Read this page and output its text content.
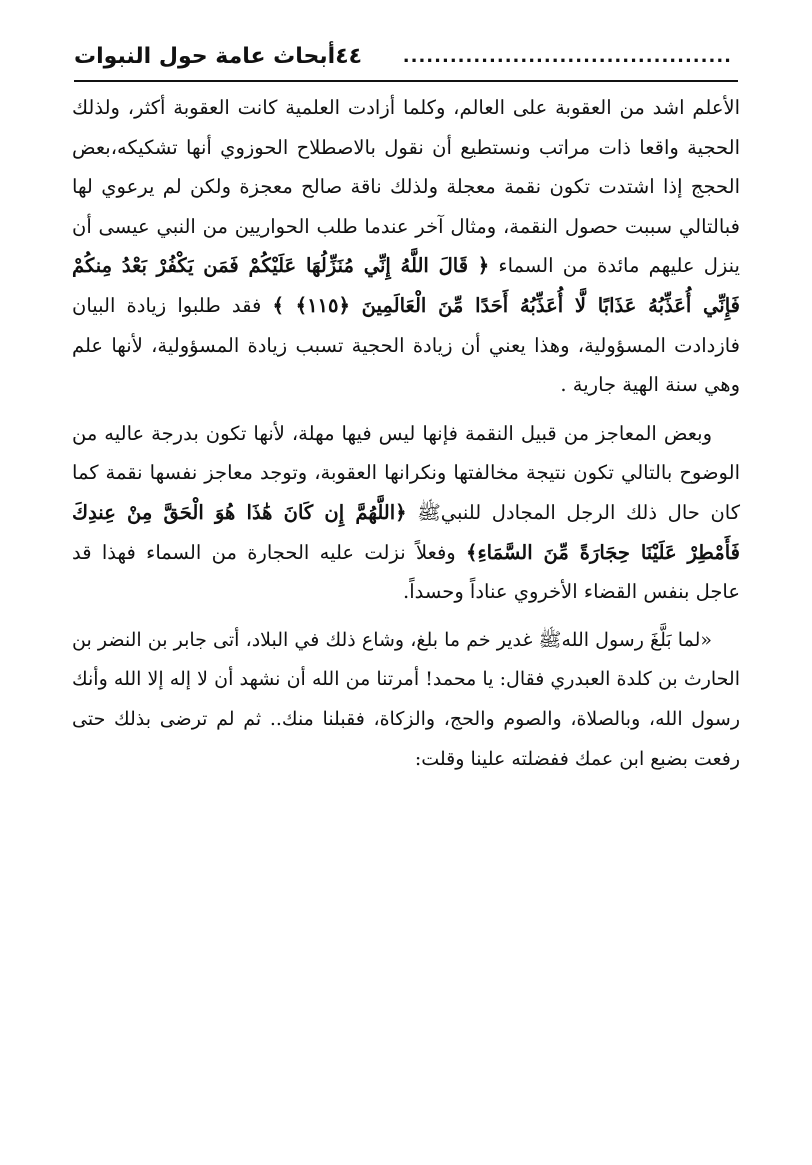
أبحاث عامة حول النبوات	..........................................
٤٤

الأعلم اشد من العقوبة على العالم، وكلما أزادت العلمية كانت العقوبة أكثر، ولذلك الحجية واقعا ذات مراتب ونستطيع أن نقول بالاصطلاح الحوزوي أنها تشكيكه،بعض الحجج إذا اشتدت تكون نقمة معجلة ولذلك ناقة صالح معجزة ولكن لم يرعوي لها فبالتالي سببت حصول النقمة، ومثال آخر عندما طلب الحواريين من النبي عيسى أن ينزل عليهم مائدة من السماء ﴿ قَالَ اللَّهُ إِنِّي مُنَزِّلُهَا عَلَيْكُمْ فَمَن يَكْفُرْ بَعْدُ مِنكُمْ فَإِنِّي أُعَذِّبُهُ عَذَابًا لَّا أُعَذِّبُهُ أَحَدًا مِّنَ الْعَالَمِينَ ﴿١١٥﴾ ﴾ فقد طلبوا زيادة البيان فازدادت المسؤولية، وهذا يعني أن زيادة الحجية تسبب زيادة المسؤولية، لأنها علم وهي سنة الهية جارية .

وبعض المعاجز من قبيل النقمة فإنها ليس فيها مهلة، لأنها تكون بدرجة عاليه من الوضوح بالتالي تكون نتيجة مخالفتها ونكرانها العقوبة، وتوجد معاجز نفسها نقمة كما كان حال ذلك الرجل المجادل للنبيﷺ ﴿اللَّهُمَّ إِن كَانَ هَٰذَا هُوَ الْحَقَّ مِنْ عِندِكَ فَأَمْطِرْ عَلَيْنَا حِجَارَةً مِّنَ السَّمَاءِ﴾ وفعلاً نزلت عليه الحجارة من السماء فهذا قد عاجل بنفس القضاء الأخروي عناداً وحسداً.

«لما بَلَّغَ رسول اللهﷺ غدير خم ما بلغ، وشاع ذلك في البلاد، أتى جابر بن النضر بن الحارث بن كلدة العبدري فقال: يا محمد! أمرتنا من الله أن نشهد أن لا إله إلا الله وأنك رسول الله، وبالصلاة، والصوم والحج، والزكاة، فقبلنا منك.. ثم لم ترضى بذلك حتى رفعت بضبع ابن عمك ففضلته علينا وقلت:
